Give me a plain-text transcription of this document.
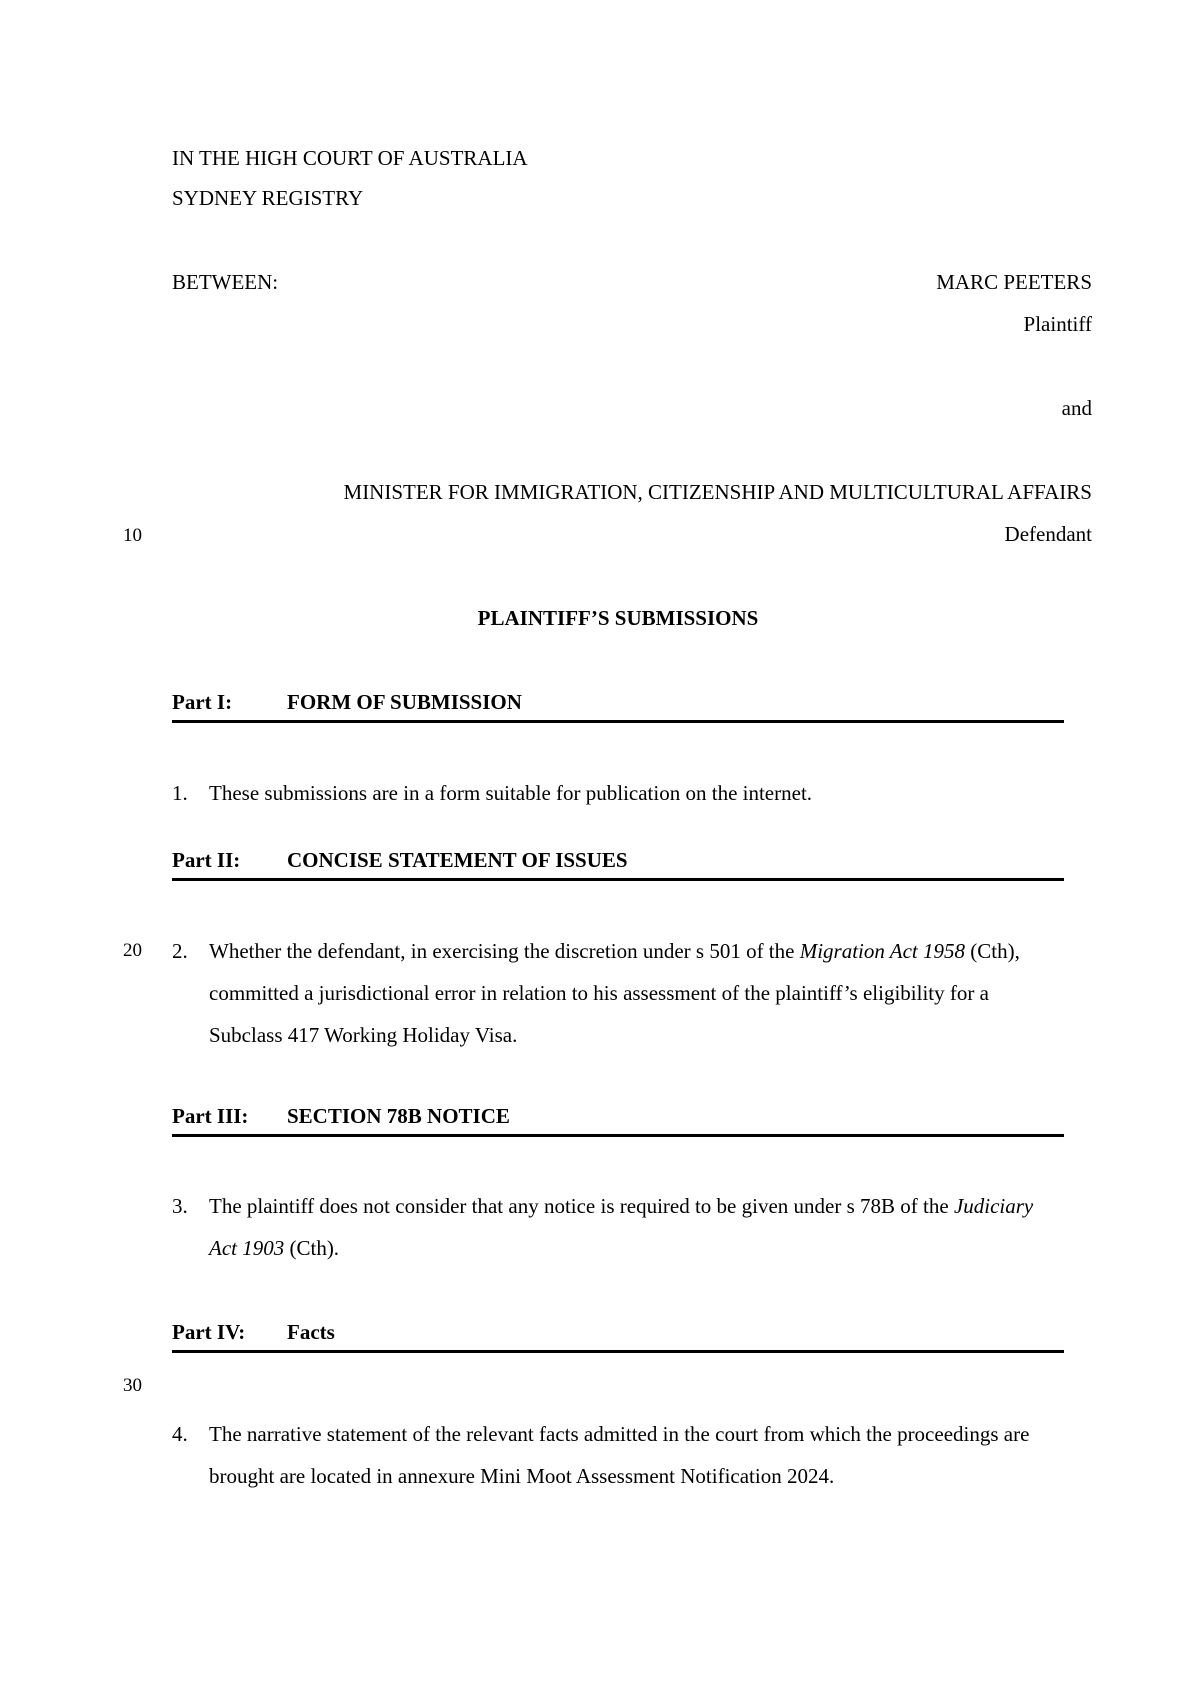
IN THE HIGH COURT OF AUSTRALIA
SYDNEY REGISTRY
BETWEEN:	MARC PEETERS
Plaintiff
and
MINISTER FOR IMMIGRATION, CITIZENSHIP AND MULTICULTURAL AFFAIRS
Defendant
10
20
30
PLAINTIFF’S SUBMISSIONS
Part I:	FORM OF SUBMISSION
1. These submissions are in a form suitable for publication on the internet.
Part II: CONCISE STATEMENT OF ISSUES
2. Whether the defendant, in exercising the discretion under s 501 of the Migration Act 1958 (Cth), committed a jurisdictional error in relation to his assessment of the plaintiff’s eligibility for a Subclass 417 Working Holiday Visa.
Part III: SECTION 78B NOTICE
3. The plaintiff does not consider that any notice is required to be given under s 78B of the Judiciary Act 1903 (Cth).
Part IV: Facts
4. The narrative statement of the relevant facts admitted in the court from which the proceedings are brought are located in annexure Mini Moot Assessment Notification 2024.
